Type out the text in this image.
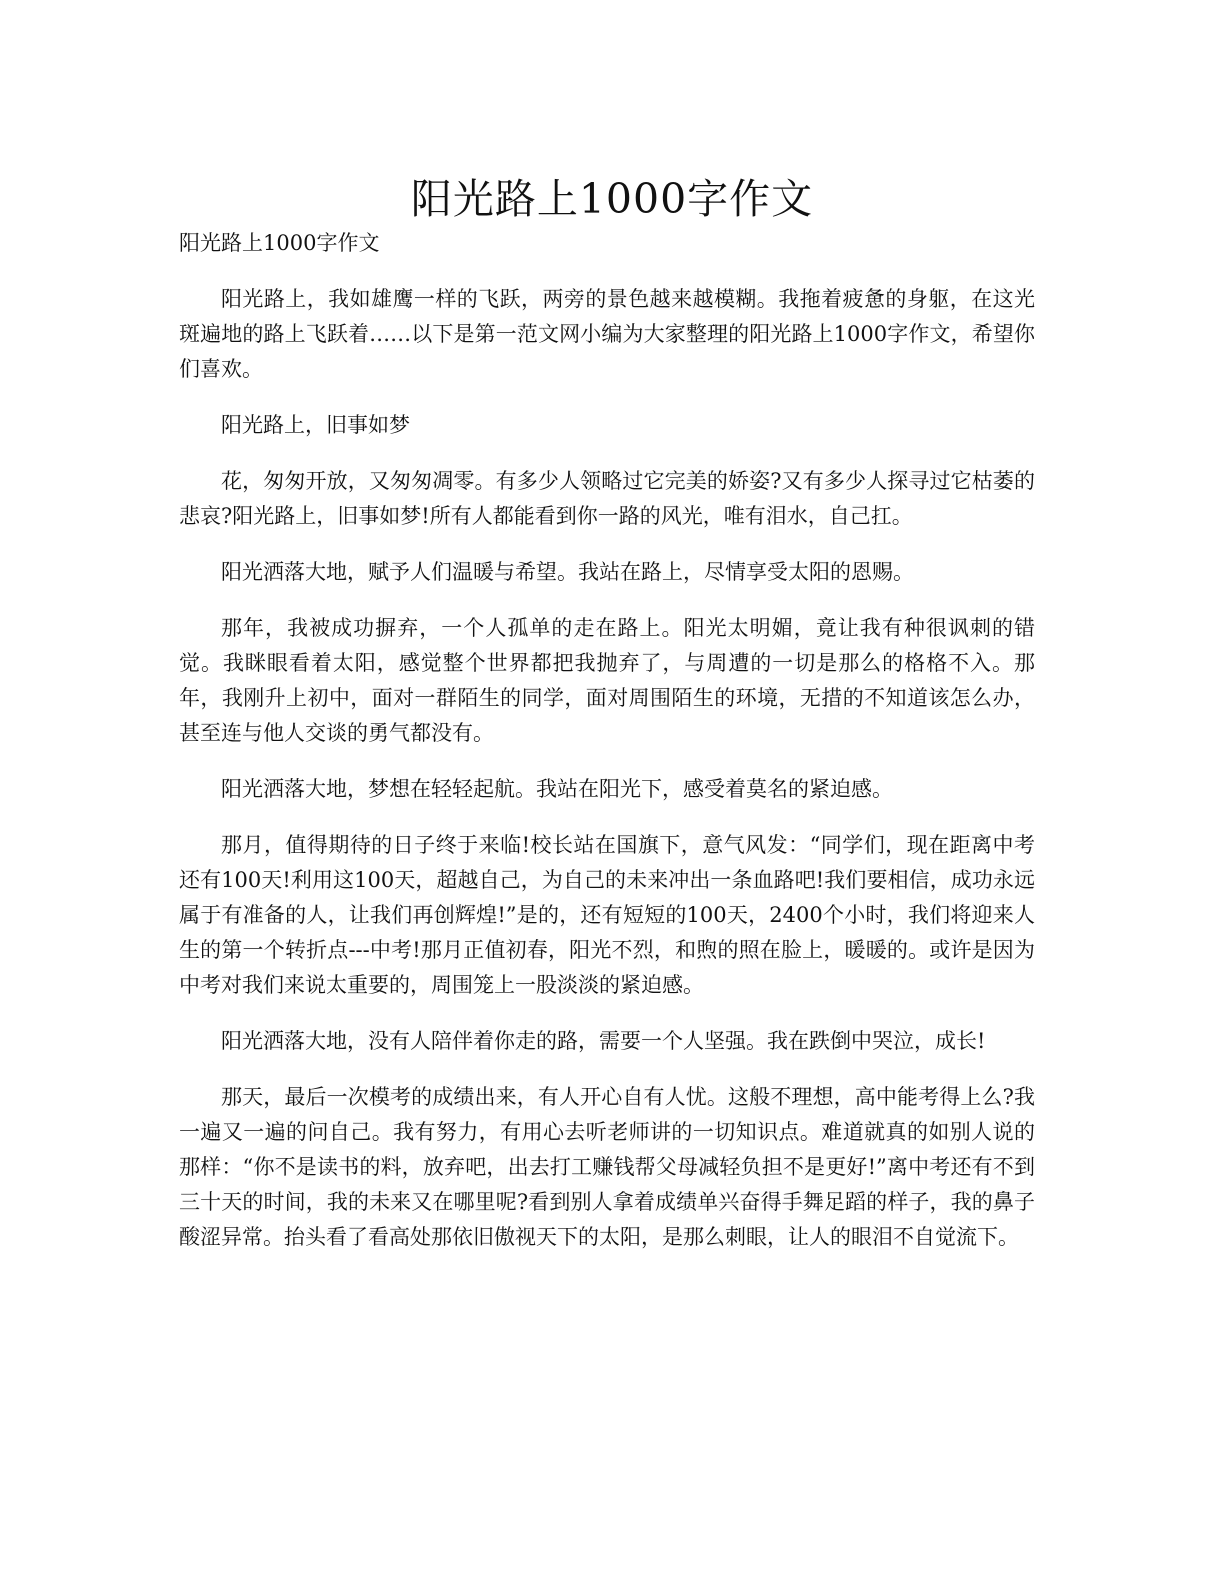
阳光路上1000字作文

阳光路上1000字作文

阳光路上，我如雄鹰一样的飞跃，两旁的景色越来越模糊。我拖着疲惫的身躯，在这光斑遍地的路上飞跃着……以下是第一范文网小编为大家整理的阳光路上1000字作文，希望你们喜欢。

阳光路上，旧事如梦

花，匆匆开放，又匆匆凋零。有多少人领略过它完美的娇姿?又有多少人探寻过它枯萎的悲哀?阳光路上，旧事如梦!所有人都能看到你一路的风光，唯有泪水，自己扛。

阳光洒落大地，赋予人们温暖与希望。我站在路上，尽情享受太阳的恩赐。

那年，我被成功摒弃，一个人孤单的走在路上。阳光太明媚，竟让我有种很讽刺的错觉。我眯眼看着太阳，感觉整个世界都把我抛弃了，与周遭的一切是那么的格格不入。那年，我刚升上初中，面对一群陌生的同学，面对周围陌生的环境，无措的不知道该怎么办，甚至连与他人交谈的勇气都没有。

阳光洒落大地，梦想在轻轻起航。我站在阳光下，感受着莫名的紧迫感。

那月，值得期待的日子终于来临!校长站在国旗下，意气风发：“同学们，现在距离中考还有100天!利用这100天，超越自己，为自己的未来冲出一条血路吧!我们要相信，成功永远属于有准备的人，让我们再创辉煌!”是的，还有短短的100天，2400个小时，我们将迎来人生的第一个转折点---中考!那月正值初春，阳光不烈，和煦的照在脸上，暖暖的。或许是因为中考对我们来说太重要的，周围笼上一股淡淡的紧迫感。

阳光洒落大地，没有人陪伴着你走的路，需要一个人坚强。我在跌倒中哭泣，成长!

那天，最后一次模考的成绩出来，有人开心自有人忧。这般不理想，高中能考得上么?我一遍又一遍的问自己。我有努力，有用心去听老师讲的一切知识点。难道就真的如别人说的那样：“你不是读书的料，放弃吧，出去打工赚钱帮父母减轻负担不是更好!”离中考还有不到三十天的时间，我的未来又在哪里呢?看到别人拿着成绩单兴奋得手舞足蹈的样子，我的鼻子酸涩异常。抬头看了看高处那依旧傲视天下的太阳，是那么刺眼，让人的眼泪不自觉流下。
